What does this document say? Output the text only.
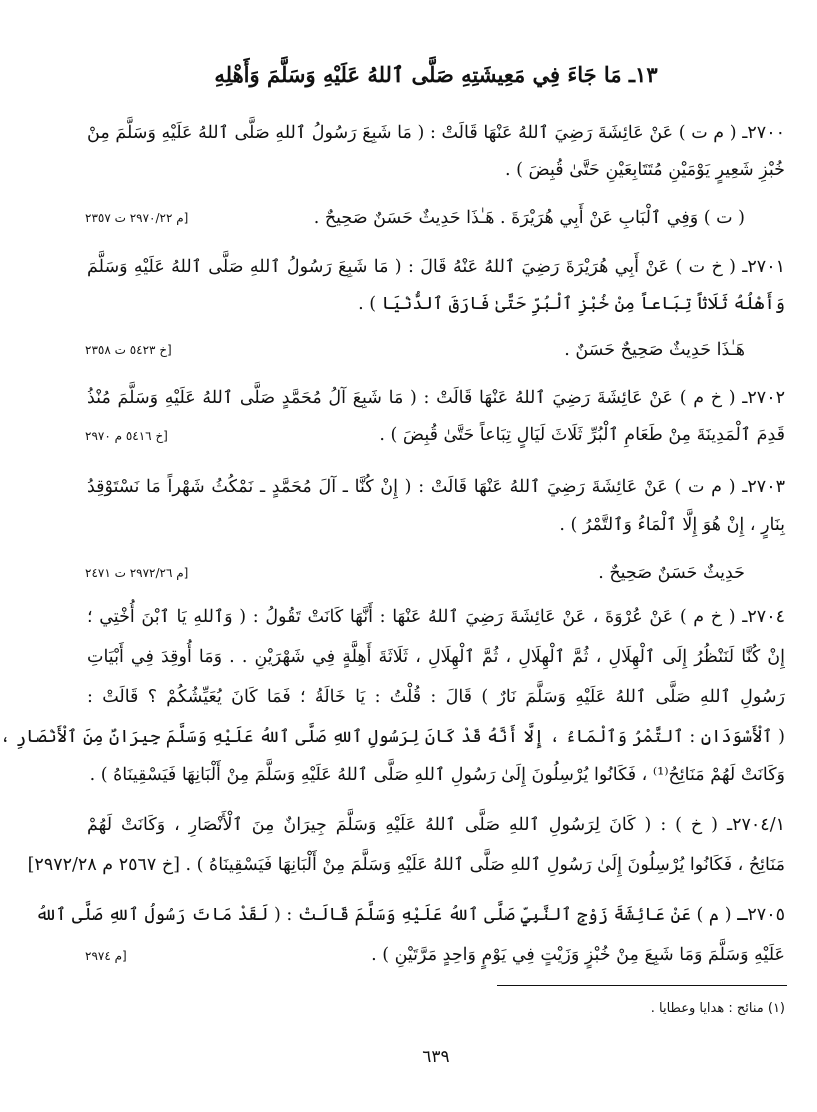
١٣ـ مَا جَاءَ فِي مَعِيشَتِهِ صَلَّى ٱللهُ عَلَيْهِ وَسَلَّمَ وَأَهْلِهِ
٢٧٠٠ـ ( م ت ) عَنْ عَائِشَةَ رَضِيَ ٱللهُ عَنْهَا قَالَتْ : ( مَا شَبِعَ رَسُولُ ٱللهِ صَلَّى ٱللهُ عَلَيْهِ وَسَلَّمَ مِنْ
خُبْزِ شَعِيرٍ يَوْمَيْنِ مُتَتَابِعَيْنِ حَتَّىٰ قُبِضَ ) .
( ت ) وَفِي ٱلْبَابِ عَنْ أَبِي هُرَيْرَةَ . هَـٰذَا حَدِيثٌ حَسَنٌ صَحِيحٌ .
[م ٢٩٧٠/٢٢ ت ٢٣٥٧
٢٧٠١ـ ( خ ت ) عَنْ أَبِي هُرَيْرَةَ رَضِيَ ٱللهُ عَنْهُ قَالَ : ( مَا شَبِعَ رَسُولُ ٱللهِ صَلَّى ٱللهُ عَلَيْهِ وَسَلَّمَ
وَأَهْلُهُ ثَلَاثاً تِبَاعاً مِنْ خُبْزِ ٱلْبُرِّ حَتَّىٰ فَارَقَ ٱلدُّنْيَا ) .
هَـٰذَا حَدِيثٌ صَحِيحٌ حَسَنٌ .
[خ ٥٤٢٣ ت ٢٣٥٨
٢٧٠٢ـ ( خ م ) عَنْ عَائِشَةَ رَضِيَ ٱللهُ عَنْهَا قَالَتْ : ( مَا شَبِعَ آلُ مُحَمَّدٍ صَلَّى ٱللهُ عَلَيْهِ وَسَلَّمَ مُنْذُ
قَدِمَ ٱلْمَدِينَةَ مِنْ طَعَامِ ٱلْبُرِّ ثَلَاثَ لَيَالٍ تِبَاعاً حَتَّىٰ قُبِضَ ) .
[خ ٥٤١٦ م ٢٩٧٠
٢٧٠٣ـ ( م ت ) عَنْ عَائِشَةَ رَضِيَ ٱللهُ عَنْهَا قَالَتْ : ( إِنْ كُنَّا ـ آلَ مُحَمَّدٍ ـ نَمْكُثُ شَهْراً مَا نَسْتَوْقِدُ
بِنَارٍ ، إِنْ هُوَ إِلَّا ٱلْمَاءُ وَٱلتَّمْرُ ) .
حَدِيثٌ حَسَنٌ صَحِيحٌ .
[م ٢٩٧٢/٢٦ ت ٢٤٧١
٢٧٠٤ـ ( خ م ) عَنْ عُرْوَةَ ، عَنْ عَائِشَةَ رَضِيَ ٱللهُ عَنْهَا : أَنَّهَا كَانَتْ تَقُولُ : ( وَٱللهِ يَا ٱبْنَ أُخْتِي ؛
إِنْ كُنَّا لَنَنْظُرُ إِلَى ٱلْهِلَالِ ، ثُمَّ ٱلْهِلَالِ ، ثُمَّ ٱلْهِلَالِ ، ثَلَاثَةَ أَهِلَّةٍ فِي شَهْرَيْنِ . . وَمَا أُوقِدَ فِي أَبْيَاتِ
رَسُولِ ٱللهِ صَلَّى ٱللهُ عَلَيْهِ وَسَلَّمَ نَارٌ ) قَالَ : قُلْتُ : يَا خَالَةُ ؛ فَمَا كَانَ يُعَيِّشُكُمْ ؟ قَالَتْ :
( ٱلْأَسْوَدَانِ : ٱلتَّمْرُ وَٱلْمَاءُ ، إِلَّا أَنَّهُ قَدْ كَانَ لِرَسُولِ ٱللهِ صَلَّى ٱللهُ عَلَيْهِ وَسَلَّمَ جِيرَانٌ مِنَ ٱلْأَنْصَارِ ،
وَكَانَتْ لَهُمْ مَنَائِحُ⁽¹⁾ ، فَكَانُوا يُرْسِلُونَ إِلَىٰ رَسُولِ ٱللهِ صَلَّى ٱللهُ عَلَيْهِ وَسَلَّمَ مِنْ أَلْبَانِهَا فَيَسْقِينَاهُ ) .
٢٧٠٤/١ـ ( خ ) : ( كَانَ لِرَسُولِ ٱللهِ صَلَّى ٱللهُ عَلَيْهِ وَسَلَّمَ جِيرَانٌ مِنَ ٱلْأَنْصَارِ ، وَكَانَتْ لَهُمْ
مَنَائِحُ ، فَكَانُوا يُرْسِلُونَ إِلَىٰ رَسُولِ ٱللهِ صَلَّى ٱللهُ عَلَيْهِ وَسَلَّمَ مِنْ أَلْبَانِهَا فَيَسْقِينَاهُ ) . [خ ٢٥٦٧ م ٢٩٧٢/٢٨]
٢٧٠٥ـ ( م ) عَنْ عَائِشَةَ زَوْجِ ٱلنَّبِيِّ صَلَّى ٱللهُ عَلَيْهِ وَسَلَّمَ قَالَتْ : ( لَقَدْ مَاتَ رَسُولُ ٱللهِ صَلَّى ٱللهُ
عَلَيْهِ وَسَلَّمَ وَمَا شَبِعَ مِنْ خُبْزٍ وَزَيْتٍ فِي يَوْمٍ وَاحِدٍ مَرَّتَيْنِ ) .
[م ٢٩٧٤
(١) منائح : هدايا وعطايا .
٦٣٩
